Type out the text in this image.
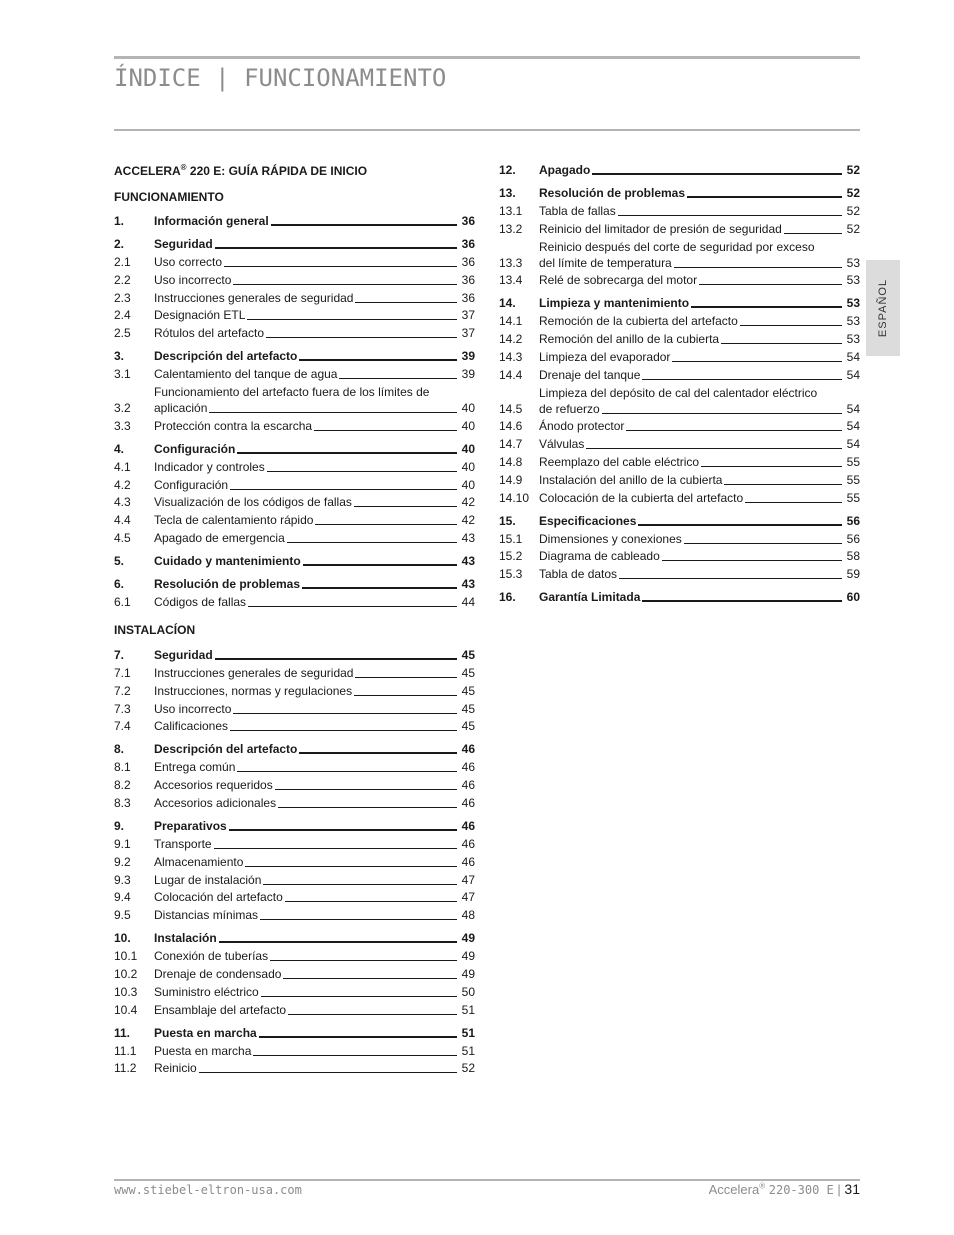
ÍNDICE | FUNCIONAMIENTO
ESPAÑOL
ACCELERA® 220 E: GUÍA RÁPIDA DE INICIO
FUNCIONAMIENTO
1.	Información general	36
2.	Seguridad	36
2.1	Uso correcto	36
2.2	Uso incorrecto	36
2.3	Instrucciones generales de seguridad	36
2.4	Designación ETL	37
2.5	Rótulos del artefacto	37
3.	Descripción del artefacto	39
3.1	Calentamiento del tanque de agua	39
3.2
Funcionamiento del artefacto fuera de los límites de
aplicación	40
3.3	Protección contra la escarcha	40
4.	Configuración	40
4.1	Indicador y controles	40
4.2	Configuración	40
4.3	Visualización de los códigos de fallas	42
4.4	Tecla de calentamiento rápido	42
4.5	Apagado de emergencia	43
5.	Cuidado y mantenimiento	43
6.	Resolución de problemas	43
6.1	Códigos de fallas	44
INSTALACÍON
7.	Seguridad	45
7.1	Instrucciones generales de seguridad	45
7.2	Instrucciones, normas y regulaciones	45
7.3	Uso incorrecto	45
7.4	Calificaciones	45
8.	Descripción del artefacto	46
8.1	Entrega común	46
8.2	Accesorios requeridos	46
8.3	Accesorios adicionales	46
9.	Preparativos	46
9.1	Transporte	46
9.2	Almacenamiento	46
9.3	Lugar de instalación	47
9.4	Colocación del artefacto	47
9.5	Distancias mínimas	48
10.	Instalación	49
10.1	Conexión de tuberías	49
10.2	Drenaje de condensado	49
10.3	Suministro eléctrico	50
10.4	Ensamblaje del artefacto	51
11.	Puesta en marcha	51
11.1	Puesta en marcha	51
11.2	Reinicio	52
12.	Apagado	52
13.	Resolución de problemas	52
13.1	Tabla de fallas	52
13.2	Reinicio del limitador de presión de seguridad	52
13.3
Reinicio después del corte de seguridad por exceso
del límite de temperatura	53
13.4	Relé de sobrecarga del motor	53
14.	Limpieza y mantenimiento	53
14.1	Remoción de la cubierta del artefacto	53
14.2	Remoción del anillo de la cubierta	53
14.3	Limpieza del evaporador	54
14.4	Drenaje del tanque	54
14.5
Limpieza del depósito de cal del calentador eléctrico
de refuerzo	54
14.6	Ánodo protector	54
14.7	Válvulas	54
14.8	Reemplazo del cable eléctrico	55
14.9	Instalación del anillo de la cubierta	55
14.10 Colocación de la cubierta del artefacto	55
15.	Especificaciones	56
15.1	Dimensiones y conexiones	56
15.2	Diagrama de cableado	58
15.3	Tabla de datos	59
16.	Garantía Limitada	60
www.stiebel-eltron-usa.com	Accelera® 220-300 E | 31
